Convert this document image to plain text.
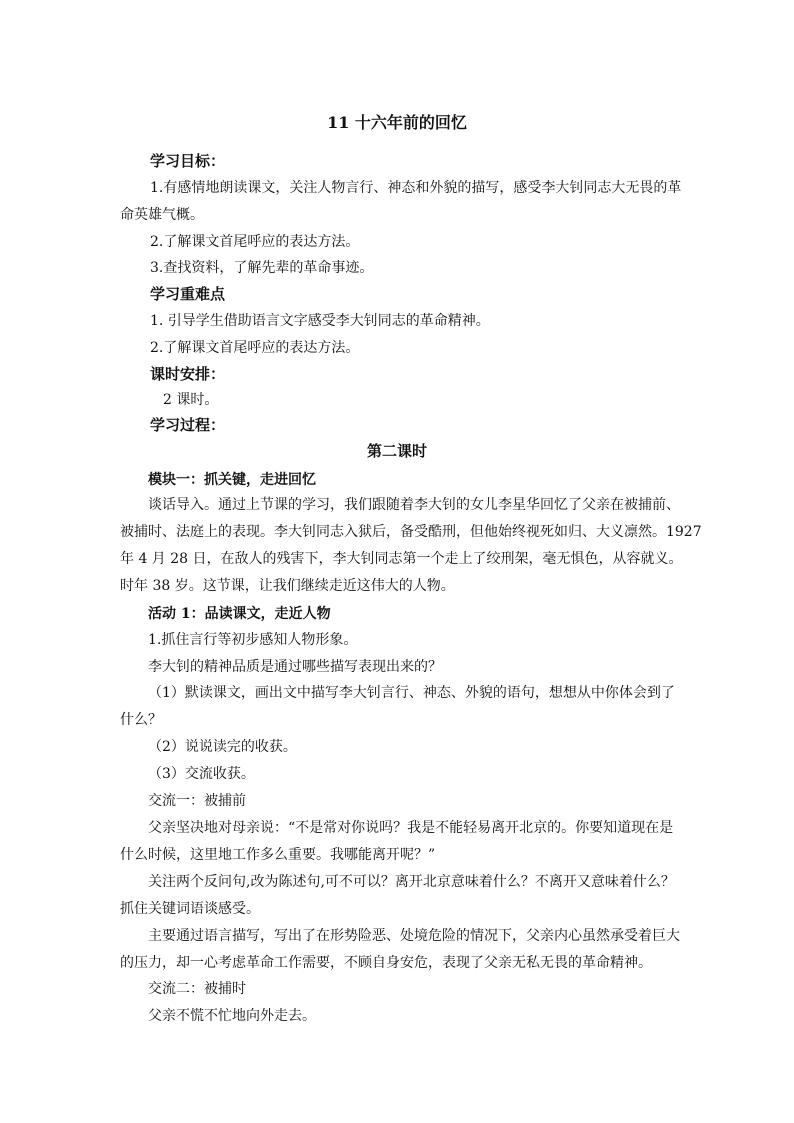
11 十六年前的回忆
学习目标：
1.有感情地朗读课文，关注人物言行、神态和外貌的描写，感受李大钊同志大无畏的革
命英雄气概。
2.了解课文首尾呼应的表达方法。
3.查找资料，了解先辈的革命事迹。
学习重难点
1. 引导学生借助语言文字感受李大钊同志的革命精神。
2.了解课文首尾呼应的表达方法。
课时安排：
2 课时。
学习过程：
第二课时
模块一：抓关键，走进回忆
谈话导入。通过上节课的学习，我们跟随着李大钊的女儿李星华回忆了父亲在被捕前、
被捕时、法庭上的表现。李大钊同志入狱后，备受酷刑，但他始终视死如归、大义凛然。1927
年 4 月 28 日，在敌人的残害下，李大钊同志第一个走上了绞刑架，毫无惧色，从容就义。
时年 38 岁。这节课，让我们继续走近这伟大的人物。
活动 1：品读课文，走近人物
1.抓住言行等初步感知人物形象。
李大钊的精神品质是通过哪些描写表现出来的？
（1）默读课文，画出文中描写李大钊言行、神态、外貌的语句，想想从中你体会到了
什么？
（2）说说读完的收获。
（3）交流收获。
交流一：被捕前
父亲坚决地对母亲说：“不是常对你说吗？我是不能轻易离开北京的。你要知道现在是
什么时候，这里地工作多么重要。我哪能离开呢？”
关注两个反问句,改为陈述句,可不可以？离开北京意味着什么？不离开又意味着什么？
抓住关键词语谈感受。
主要通过语言描写，写出了在形势险恶、处境危险的情况下，父亲内心虽然承受着巨大
的压力，却一心考虑革命工作需要，不顾自身安危，表现了父亲无私无畏的革命精神。
交流二：被捕时
父亲不慌不忙地向外走去。
